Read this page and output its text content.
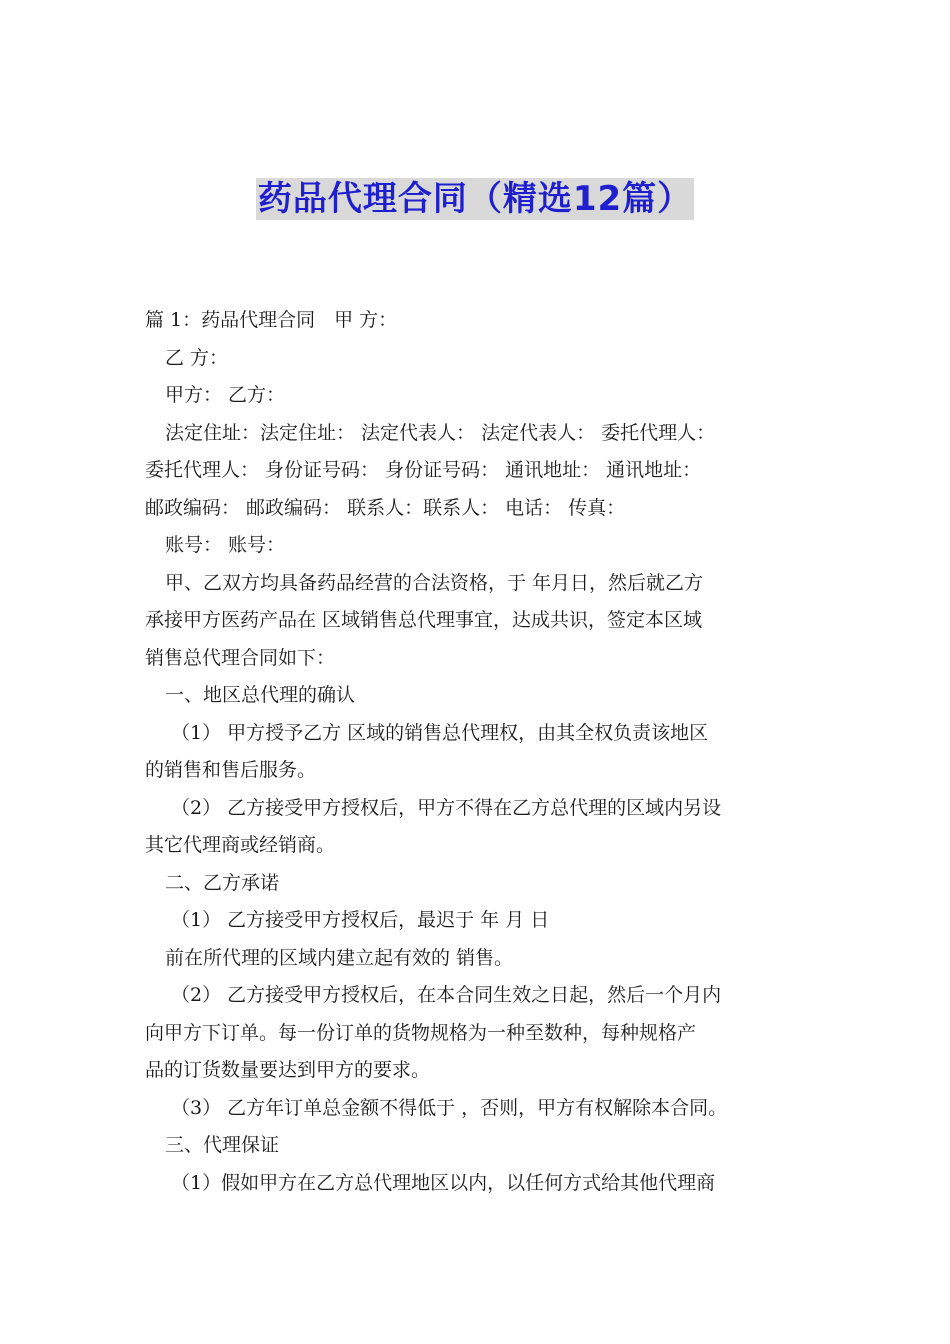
药品代理合同（精选12篇）

篇 1：药品代理合同　甲 方：

乙 方：

甲方： 乙方：

法定住址：法定住址： 法定代表人： 法定代表人： 委托代理人：

委托代理人： 身份证号码： 身份证号码： 通讯地址： 通讯地址：

邮政编码： 邮政编码： 联系人：联系人： 电话： 传真：

账号： 账号：

甲、乙双方均具备药品经营的合法资格，于 年月日，然后就乙方

承接甲方医药产品在 区域销售总代理事宜，达成共识，签定本区域

销售总代理合同如下：

一、地区总代理的确认

（1） 甲方授予乙方 区域的销售总代理权，由其全权负责该地区

的销售和售后服务。

（2） 乙方接受甲方授权后，甲方不得在乙方总代理的区域内另设

其它代理商或经销商。

二、乙方承诺

（1） 乙方接受甲方授权后，最迟于 年 月 日

前在所代理的区域内建立起有效的 销售。

（2） 乙方接受甲方授权后，在本合同生效之日起，然后一个月内

向甲方下订单。每一份订单的货物规格为一种至数种，每种规格产

品的订货数量要达到甲方的要求。

（3） 乙方年订单总金额不得低于 ，否则，甲方有权解除本合同。

三、代理保证

（1）假如甲方在乙方总代理地区以内，以任何方式给其他代理商
